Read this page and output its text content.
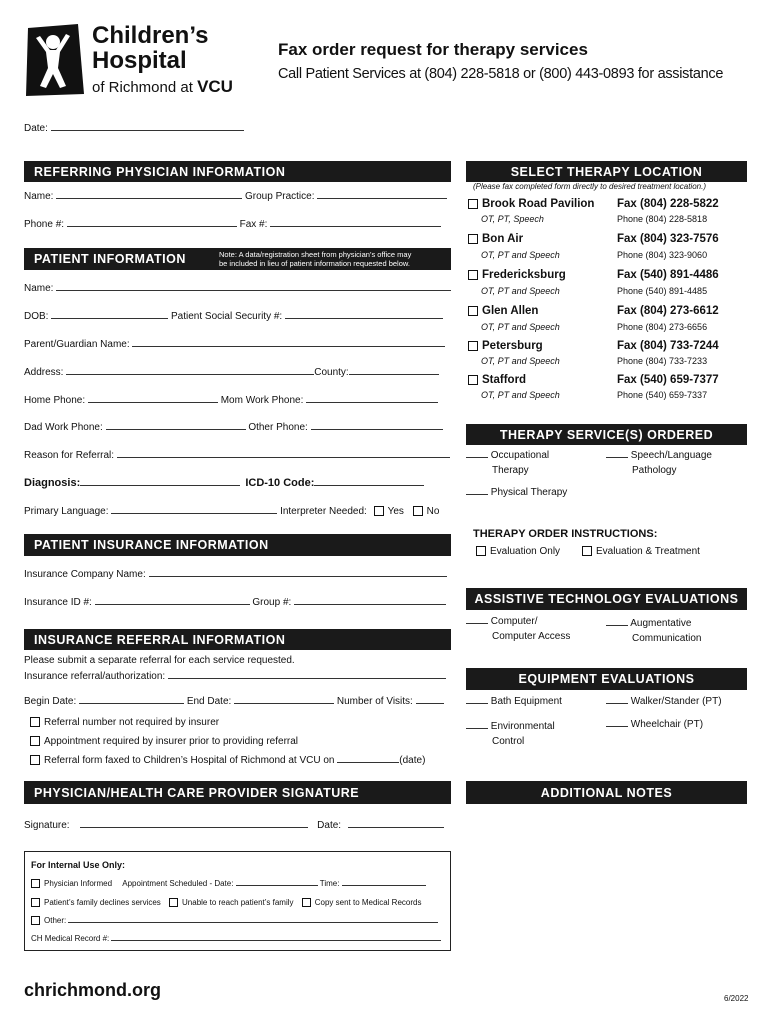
Children’s
Hospital
of Richmond at VCU
Fax order request for therapy services
Call Patient Services at (804) 228-5818 or (800) 443-0893 for assistance
Date:
REFERRING PHYSICIAN INFORMATION
Name:	Group Practice:
Phone #:	Fax #:
PATIENT INFORMATION	Note: A data/registration sheet from physician’s office may
be included in lieu of patient information requested below.
Name:
DOB:	Patient Social Security #:
Parent/Guardian Name:
Address:	County:
Home Phone:	Mom Work Phone:
Dad Work Phone:	Other Phone:
Reason for Referral:
Diagnosis:	ICD-10 Code:
Primary Language:	Interpreter Needed: Yes No
PATIENT INSURANCE INFORMATION
Insurance Company Name:
Insurance ID #:	Group #:
INSURANCE REFERRAL INFORMATION
Please submit a separate referral for each service requested.
Insurance referral/authorization:
Begin Date:	End Date:	Number of Visits:
Referral number not required by insurer
Appointment required by insurer prior to providing referral
Referral form faxed to Children’s Hospital of Richmond at VCU on	(date)
PHYSICIAN/HEALTH CARE PROVIDER SIGNATURE
Signature:	Date:
For Internal Use Only:
Physician Informed Appointment Scheduled - Date:	Time:
Patient’s family declines services	Unable to reach patient’s family	Copy sent to Medical Records
Other:
CH Medical Record #:
chrichmond.org	6/2022
SELECT THERAPY LOCATION
(Please fax completed form directly to desired treatment location.)
Brook Road Pavilion Fax (804) 228-5822
OT, PT, Speech	Phone (804) 228-5818
Bon Air	Fax (804) 323-7576
OT, PT and Speech	Phone (804) 323-9060
Fredericksburg	Fax (540) 891-4486
OT, PT and Speech	Phone (540) 891-4485
Glen Allen	Fax (804) 273-6612
OT, PT and Speech	Phone (804) 273-6656
Petersburg	Fax (804) 733-7244
OT, PT and Speech	Phone (804) 733-7233
Stafford	Fax (540) 659-7377
OT, PT and Speech	Phone (540) 659-7337
THERAPY SERVICE(S) ORDERED
Occupational
Therapy
Speech/Language
Pathology
Physical Therapy
THERAPY ORDER INSTRUCTIONS:
Evaluation Only	Evaluation & Treatment
ASSISTIVE TECHNOLOGY EVALUATIONS
Computer/
Computer Access
Augmentative
Communication
EQUIPMENT EVALUATIONS
Bath Equipment	Walker/Stander (PT)
Environmental
Control
Wheelchair (PT)
ADDITIONAL NOTES
